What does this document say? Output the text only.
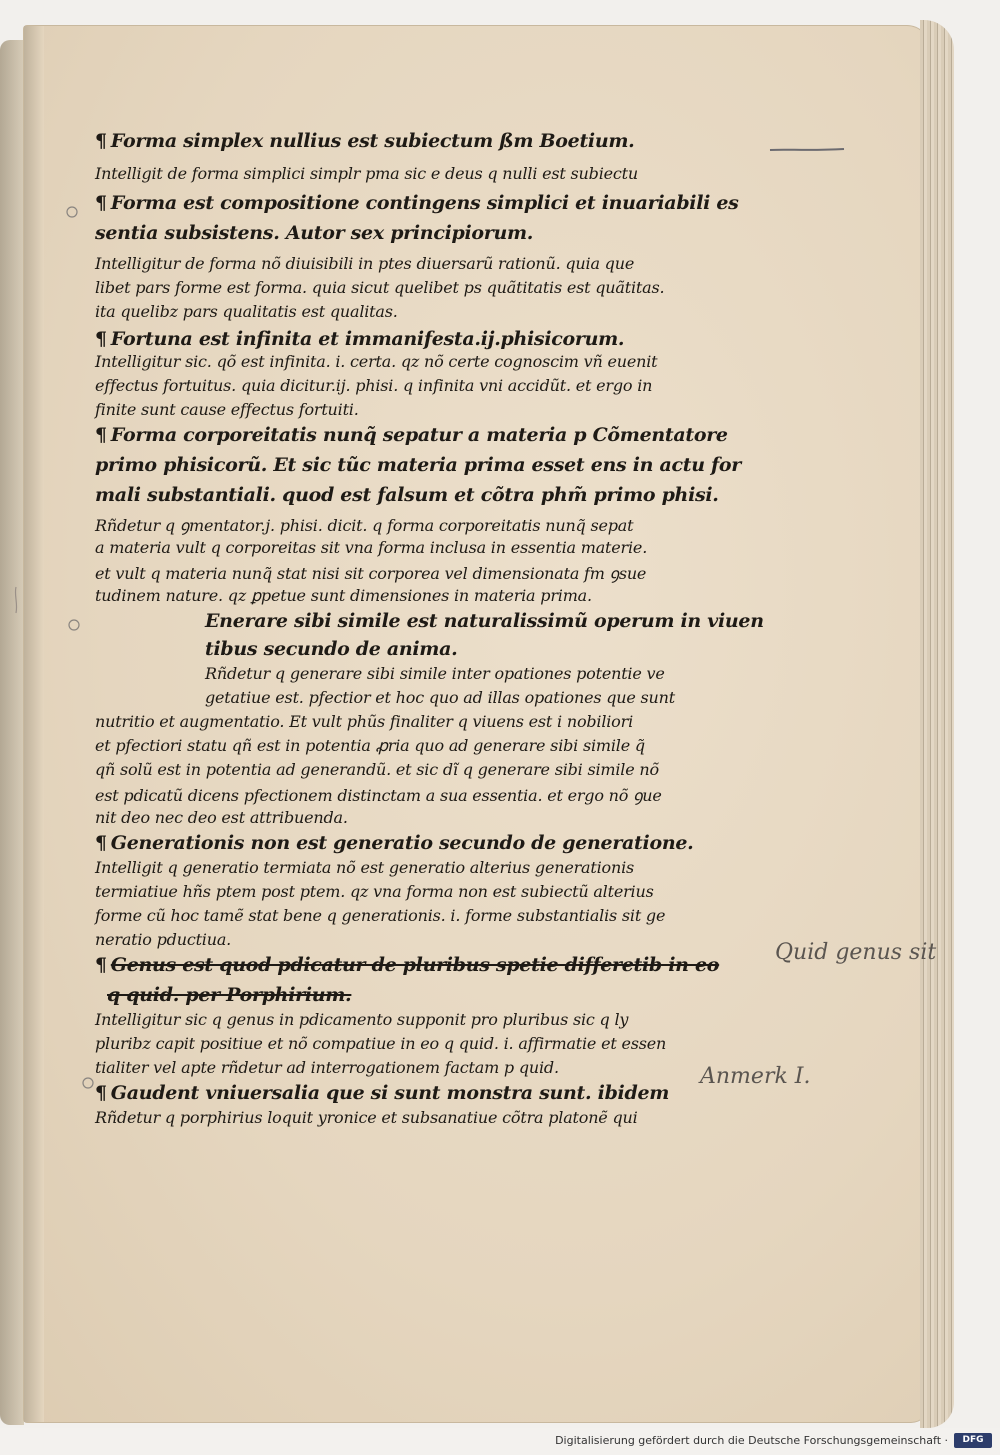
¶ Forma simplex nullius est subiectum ßm Boetium.
Intelligit de forma simplici simplr pma sic e deus q nulli est subiectu
¶ Forma est compositione contingens simplici et inuariabili es
sentia subsistens. Autor sex principiorum.
Intelligitur de forma nõ diuisibili in ptes diuersarũ rationũ. quia que
libet pars forme est forma. quia sicut quelibet ps quãtitatis est quãtitas.
ita quelibz pars qualitatis est qualitas.
¶ Fortuna est infinita et immanifesta.ij.phisicorum.
Intelligitur sic. qõ est infinita. i. certa. qz nõ certe cognoscim vñ euenit
effectus fortuitus. quia dicitur.ij. phisi. q infinita vni accidũt. et ergo in
finite sunt cause effectus fortuiti.
¶ Forma corporeitatis nunq̃ sepatur a materia p Cõmentatore
primo phisicorũ. Et sic tũc materia prima esset ens in actu for
mali substantiali. quod est falsum et cõtra phm̃ primo phisi.
Rñdetur q ꝯmentator.j. phisi. dicit. q forma corporeitatis nunq̃ sepat
a materia vult q corporeitas sit vna forma inclusa in essentia materie.
et vult q materia nunq̃ stat nisi sit corporea vel dimensionata fm ꝯsue
tudinem nature. qz ꝑpetue sunt dimensiones in materia prima.
Enerare sibi simile est naturalissimũ operum in viuen
tibus secundo de anima.
Rñdetur q generare sibi simile inter opationes potentie ve
getatiue est. pfectior et hoc quo ad illas opationes que sunt
nutritio et augmentatio. Et vult phũs finaliter q viuens est i nobiliori
et pfectiori statu qñ est in potentia ꝓria quo ad generare sibi simile q̃
qñ solũ est in potentia ad generandũ. et sic dĩ q generare sibi simile nõ
est pdicatũ dicens pfectionem distinctam a sua essentia. et ergo nõ ꝯue
nit deo nec deo est attribuenda.
¶ Generationis non est generatio secundo de generatione.
Intelligit q generatio termiata nõ est generatio alterius generationis
termiatiue hñs ptem post ptem. qz vna forma non est subiectũ alterius
forme cũ hoc tamẽ stat bene q generationis. i. forme substantialis sit ge
neratio pductiua.
¶ Genus est quod pdicatur de pluribus spetie differetib in eo
q quid. per Porphirium.
Intelligitur sic q genus in pdicamento supponit pro pluribus sic q ly
pluribz capit positiue et nõ compatiue in eo q quid. i. affirmatie et essen
tialiter vel apte rñdetur ad interrogationem factam p quid.
¶ Gaudent vniuersalia que si sunt monstra sunt. ibidem
Rñdetur q porphirius loquit yronice et subsanatiue cõtra platonẽ qui
Quid genus sit
Anmerk I.
Digitalisierung gefördert durch die Deutsche Forschungsgemeinschaft ·	DFG
